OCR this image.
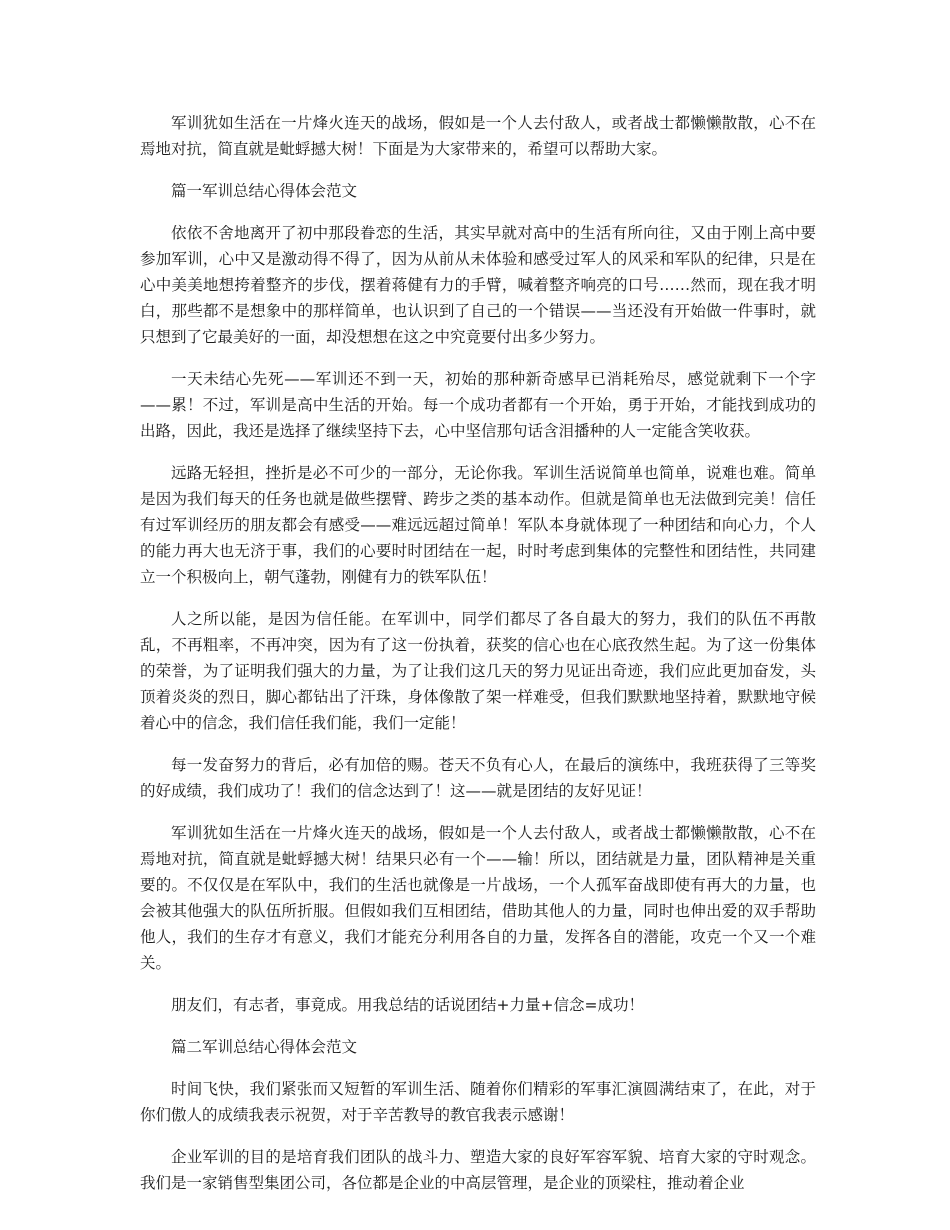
军训犹如生活在一片烽火连天的战场，假如是一个人去付敌人，或者战士都懒懒散散，心不在焉地对抗，简直就是蚍蜉撼大树！下面是为大家带来的，希望可以帮助大家。

篇一军训总结心得体会范文

依依不舍地离开了初中那段眷恋的生活，其实早就对高中的生活有所向往，又由于刚上高中要参加军训，心中又是激动得不得了，因为从前从未体验和感受过军人的风采和军队的纪律，只是在心中美美地想挎着整齐的步伐，摆着蒋健有力的手臂，喊着整齐响亮的口号……然而，现在我才明白，那些都不是想象中的那样简单，也认识到了自己的一个错误——当还没有开始做一件事时，就只想到了它最美好的一面，却没想想在这之中究竟要付出多少努力。

一天未结心先死——军训还不到一天，初始的那种新奇感早已消耗殆尽，感觉就剩下一个字——累！不过，军训是高中生活的开始。每一个成功者都有一个开始，勇于开始，才能找到成功的出路，因此，我还是选择了继续坚持下去，心中坚信那句话含泪播种的人一定能含笑收获。

远路无轻担，挫折是必不可少的一部分，无论你我。军训生活说简单也简单，说难也难。简单是因为我们每天的任务也就是做些摆臂、跨步之类的基本动作。但就是简单也无法做到完美！信任有过军训经历的朋友都会有感受——难远远超过简单！军队本身就体现了一种团结和向心力，个人的能力再大也无济于事，我们的心要时时团结在一起，时时考虑到集体的完整性和团结性，共同建立一个积极向上，朝气蓬勃，刚健有力的铁军队伍！

人之所以能，是因为信任能。在军训中，同学们都尽了各自最大的努力，我们的队伍不再散乱，不再粗率，不再冲突，因为有了这一份执着，获奖的信心也在心底孜然生起。为了这一份集体的荣誉，为了证明我们强大的力量，为了让我们这几天的努力见证出奇迹，我们应此更加奋发，头顶着炎炎的烈日，脚心都钻出了汗珠，身体像散了架一样难受，但我们默默地坚持着，默默地守候着心中的信念，我们信任我们能，我们一定能！

每一发奋努力的背后，必有加倍的赐。苍天不负有心人，在最后的演练中，我班获得了三等奖的好成绩，我们成功了！我们的信念达到了！这——就是团结的友好见证！

军训犹如生活在一片烽火连天的战场，假如是一个人去付敌人，或者战士都懒懒散散，心不在焉地对抗，简直就是蚍蜉撼大树！结果只必有一个——输！所以，团结就是力量，团队精神是关重要的。不仅仅是在军队中，我们的生活也就像是一片战场，一个人孤军奋战即使有再大的力量，也会被其他强大的队伍所折服。但假如我们互相团结，借助其他人的力量，同时也伸出爱的双手帮助他人，我们的生存才有意义，我们才能充分利用各自的力量，发挥各自的潜能，攻克一个又一个难关。

朋友们，有志者，事竟成。用我总结的话说团结+力量+信念=成功！

篇二军训总结心得体会范文

时间飞快，我们紧张而又短暂的军训生活、随着你们精彩的军事汇演圆满结束了，在此，对于你们傲人的成绩我表示祝贺，对于辛苦教导的教官我表示感谢！

企业军训的目的是培育我们团队的战斗力、塑造大家的良好军容军貌、培育大家的守时观念。我们是一家销售型集团公司，各位都是企业的中高层管理，是企业的顶梁柱，推动着企业
